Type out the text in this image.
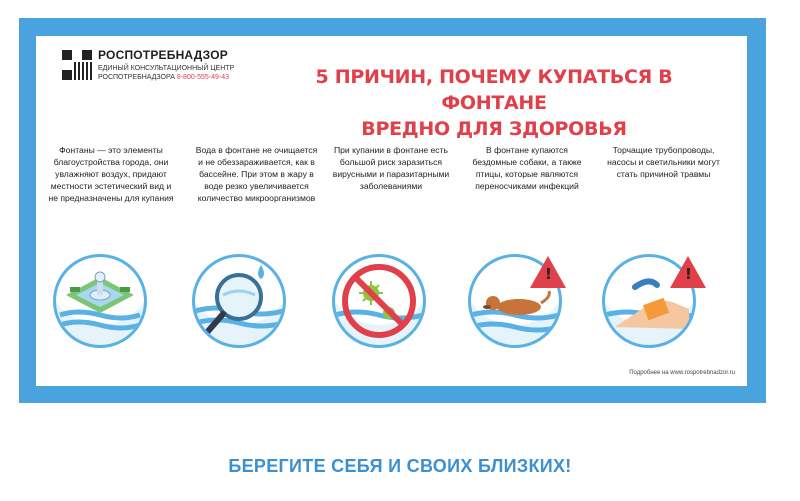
РОСПОТРЕБНАДЗОР
ЕДИНЫЙ КОНСУЛЬТАЦИОННЫЙ ЦЕНТР
РОСПОТРЕБНАДЗОРА 8-800-555-49-43	5 ПРИЧИН, ПОЧЕМУ КУПАТЬСЯ В ФОНТАНЕ
ВРЕДНО ДЛЯ ЗДОРОВЬЯ
Фонтаны — это элементы благоустройства города, они увлажняют воздух, придают местности эстетический вид и не предназначены для купания
Вода в фонтане не очищается и не обеззараживается, как в бассейне. При этом в жару в воде резко увеличивается количество микроорганизмов
При купании в фонтане есть большой риск заразиться вирусными и паразитарными заболеваниями
В фонтане купаются бездомные собаки, а также птицы, которые являются переносчиками инфекций
Торчащие трубопроводы, насосы и светильники могут стать причиной травмы
!
!
Подробнее на www.rospotrebnadzor.ru
БЕРЕГИТЕ СЕБЯ И СВОИХ БЛИЗКИХ!
